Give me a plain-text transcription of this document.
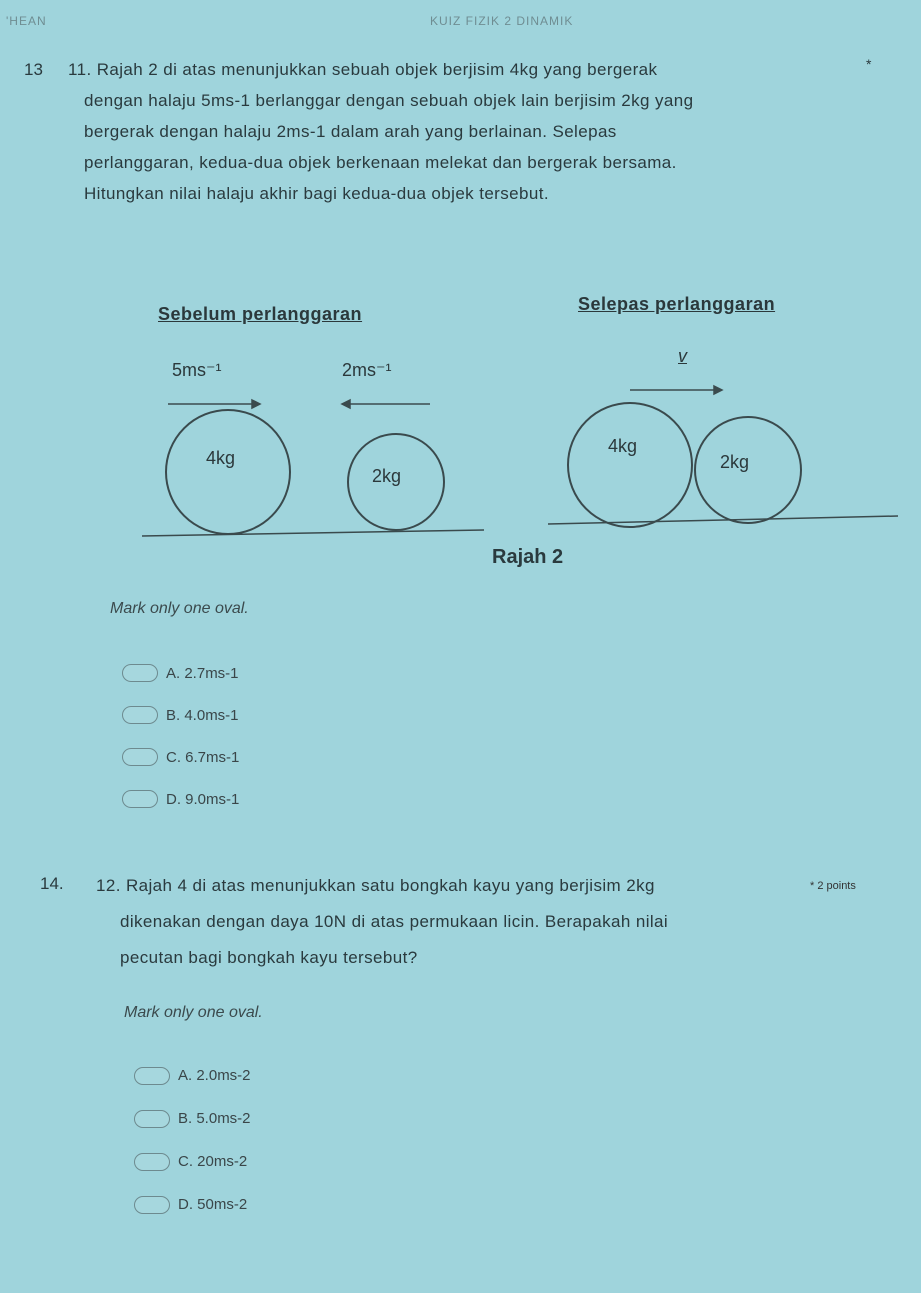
'HEAN	KUIZ FIZIK 2 DINAMIK
13	*
11. Rajah 2 di atas menunjukkan sebuah objek berjisim 4kg yang bergerak
dengan halaju 5ms-1 berlanggar dengan sebuah objek lain berjisim 2kg yang
bergerak dengan halaju 2ms-1 dalam arah yang berlainan. Selepas
perlanggaran, kedua-dua objek berkenaan melekat dan bergerak bersama.
Hitungkan nilai halaju akhir bagi kedua-dua objek tersebut.
Sebelum perlanggaran	Selepas perlanggaran
5ms⁻¹	2ms⁻¹
v
4kg
2kg
4kg
2kg
Rajah 2
Mark only one oval.
A. 2.7ms-1
B. 4.0ms-1
C. 6.7ms-1
D. 9.0ms-1
14.	* 2 points
12. Rajah 4 di atas menunjukkan satu bongkah kayu yang berjisim 2kg
dikenakan dengan daya 10N di atas permukaan licin. Berapakah nilai
pecutan bagi bongkah kayu tersebut?
Mark only one oval.
A. 2.0ms-2
B. 5.0ms-2
C. 20ms-2
D. 50ms-2
